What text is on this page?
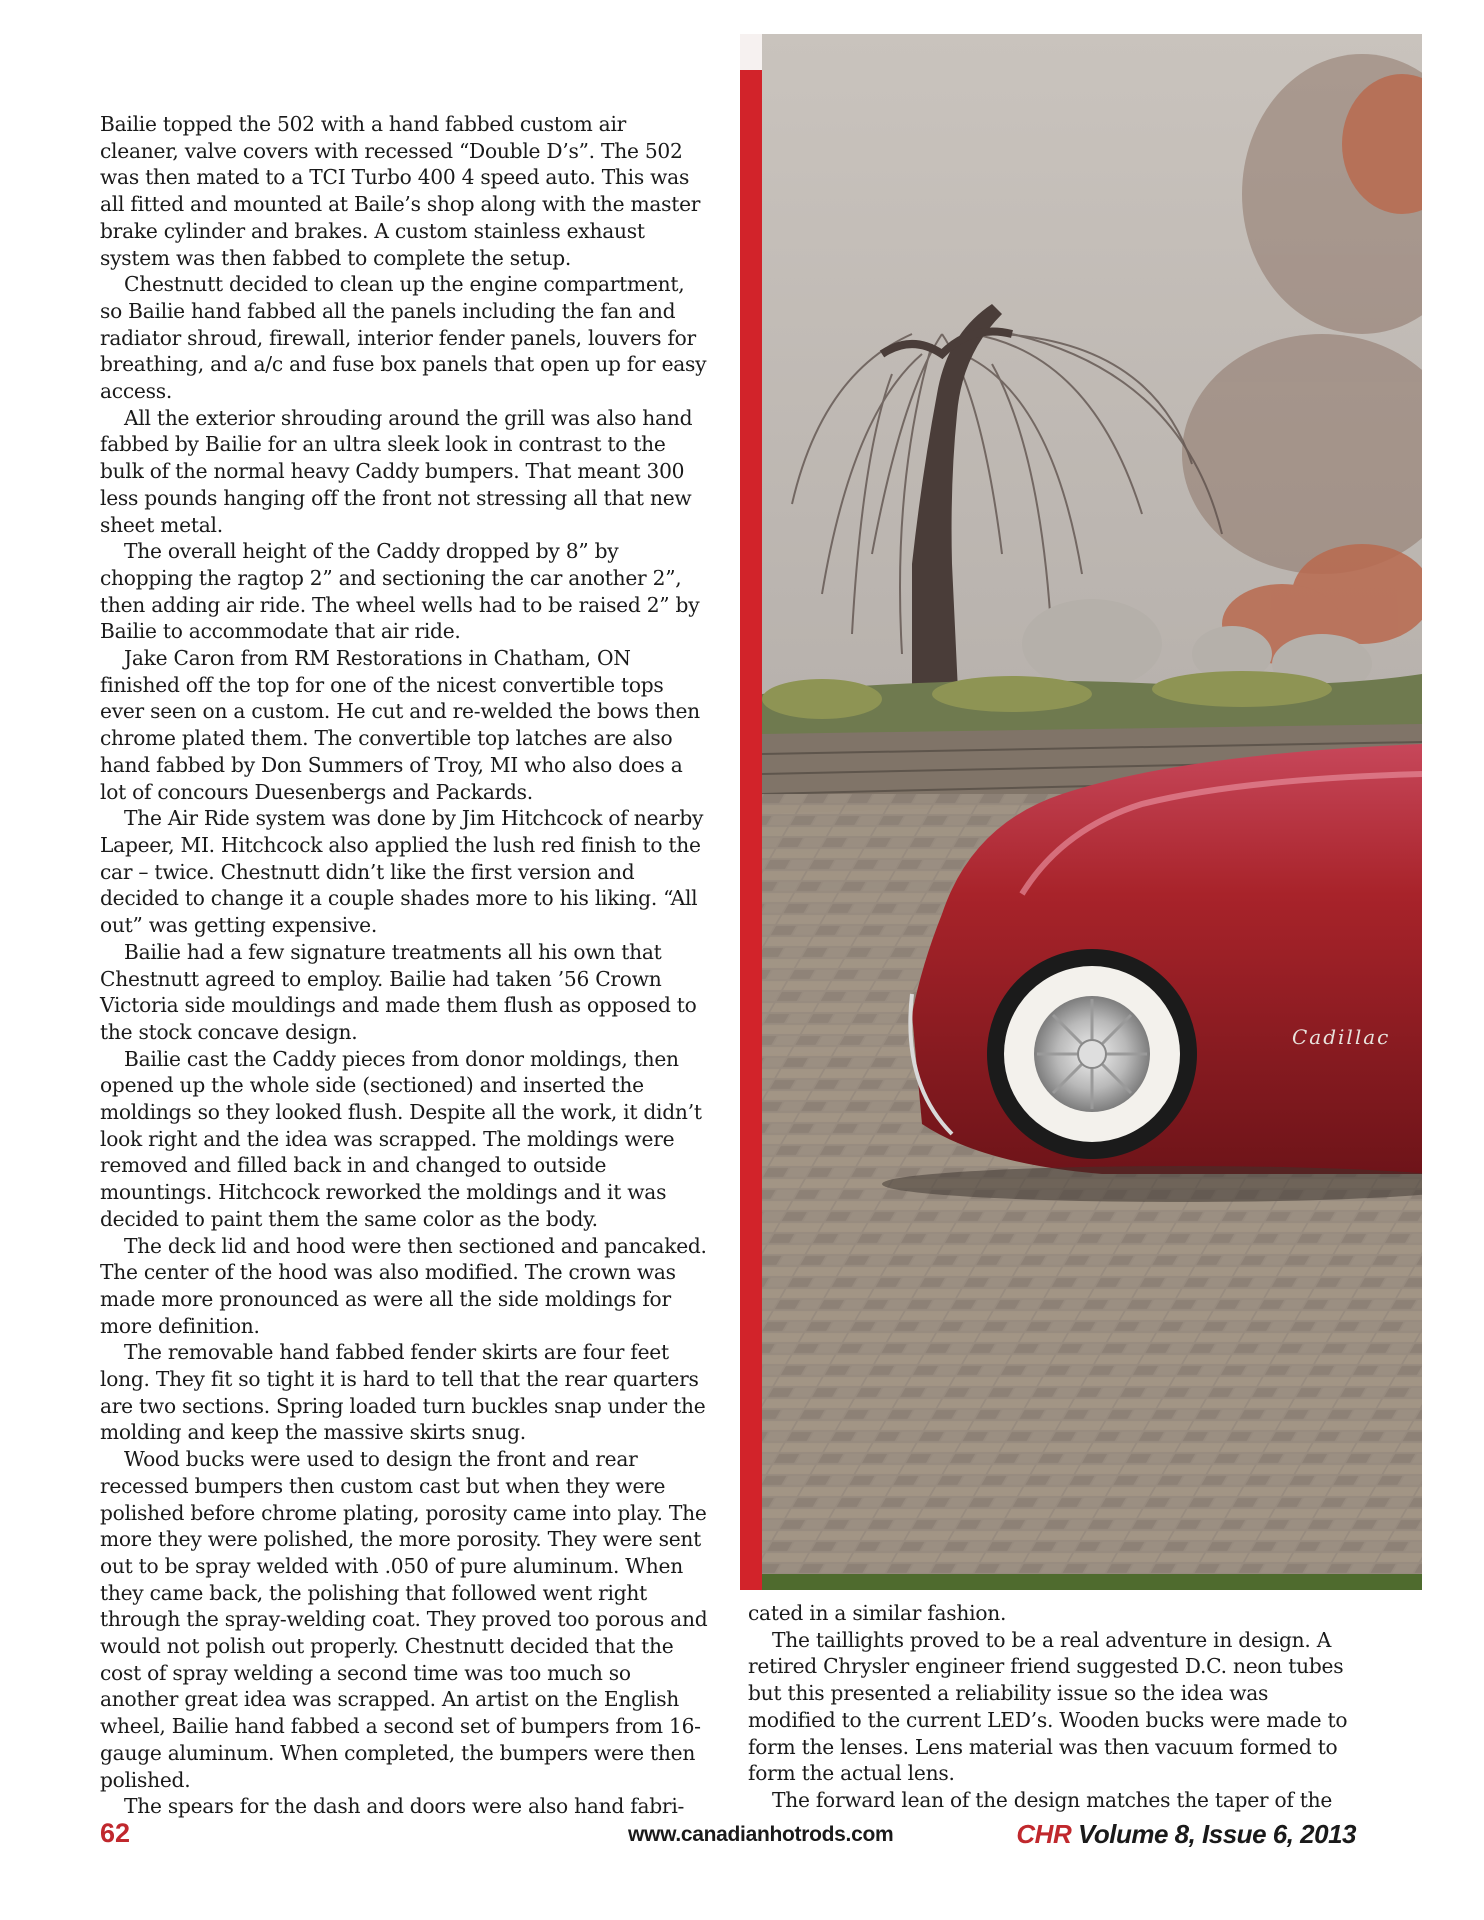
Bailie topped the 502 with a hand fabbed custom air cleaner, valve covers with recessed “Double D’s”. The 502 was then mated to a TCI Turbo 400 4 speed auto. This was all fitted and mounted at Baile’s shop along with the master brake cylinder and brakes. A custom stainless exhaust system was then fabbed to complete the setup.

Chestnutt decided to clean up the engine compartment, so Bailie hand fabbed all the panels including the fan and radiator shroud, firewall, interior fender panels, louvers for breathing, and a/c and fuse box panels that open up for easy access.

All the exterior shrouding around the grill was also hand fabbed by Bailie for an ultra sleek look in contrast to the bulk of the normal heavy Caddy bumpers. That meant 300 less pounds hanging off the front not stressing all that new sheet metal.

The overall height of the Caddy dropped by 8” by chopping the ragtop 2” and sectioning the car another 2”, then adding air ride. The wheel wells had to be raised 2” by Bailie to accommodate that air ride.

Jake Caron from RM Restorations in Chatham, ON finished off the top for one of the nicest convertible tops ever seen on a custom. He cut and re-welded the bows then chrome plated them. The convertible top latches are also hand fabbed by Don Summers of Troy, MI who also does a lot of concours Duesenbergs and Packards.

The Air Ride system was done by Jim Hitchcock of nearby Lapeer, MI. Hitchcock also applied the lush red finish to the car – twice. Chestnutt didn’t like the first version and decided to change it a couple shades more to his liking. “All out” was getting expensive.

Bailie had a few signature treatments all his own that Chestnutt agreed to employ. Bailie had taken ’56 Crown Victoria side mouldings and made them flush as opposed to the stock concave design.

Bailie cast the Caddy pieces from donor moldings, then opened up the whole side (sectioned) and inserted the moldings so they looked flush. Despite all the work, it didn’t look right and the idea was scrapped. The moldings were removed and filled back in and changed to outside mountings. Hitchcock reworked the moldings and it was decided to paint them the same color as the body.

The deck lid and hood were then sectioned and pancaked. The center of the hood was also modified. The crown was made more pronounced as were all the side moldings for more definition.

The removable hand fabbed fender skirts are four feet long. They fit so tight it is hard to tell that the rear quarters are two sections. Spring loaded turn buckles snap under the molding and keep the massive skirts snug.

Wood bucks were used to design the front and rear recessed bumpers then custom cast but when they were polished before chrome plating, porosity came into play. The more they were polished, the more porosity. They were sent out to be spray welded with .050 of pure aluminum. When they came back, the polishing that followed went right through the spray-welding coat. They proved too porous and would not polish out properly. Chestnutt decided that the cost of spray welding a second time was too much so another great idea was scrapped. An artist on the English wheel, Bailie hand fabbed a second set of bumpers from 16-gauge aluminum. When completed, the bumpers were then polished.

The spears for the dash and doors were also hand fabri-

Cadillac

cated in a similar fashion.

The taillights proved to be a real adventure in design. A retired Chrysler engineer friend suggested D.C. neon tubes but this presented a reliability issue so the idea was modified to the current LED’s. Wooden bucks were made to form the lenses. Lens material was then vacuum formed to form the actual lens.

The forward lean of the design matches the taper of the

62	www.canadianhotrods.com	CHR Volume 8, Issue 6, 2013
